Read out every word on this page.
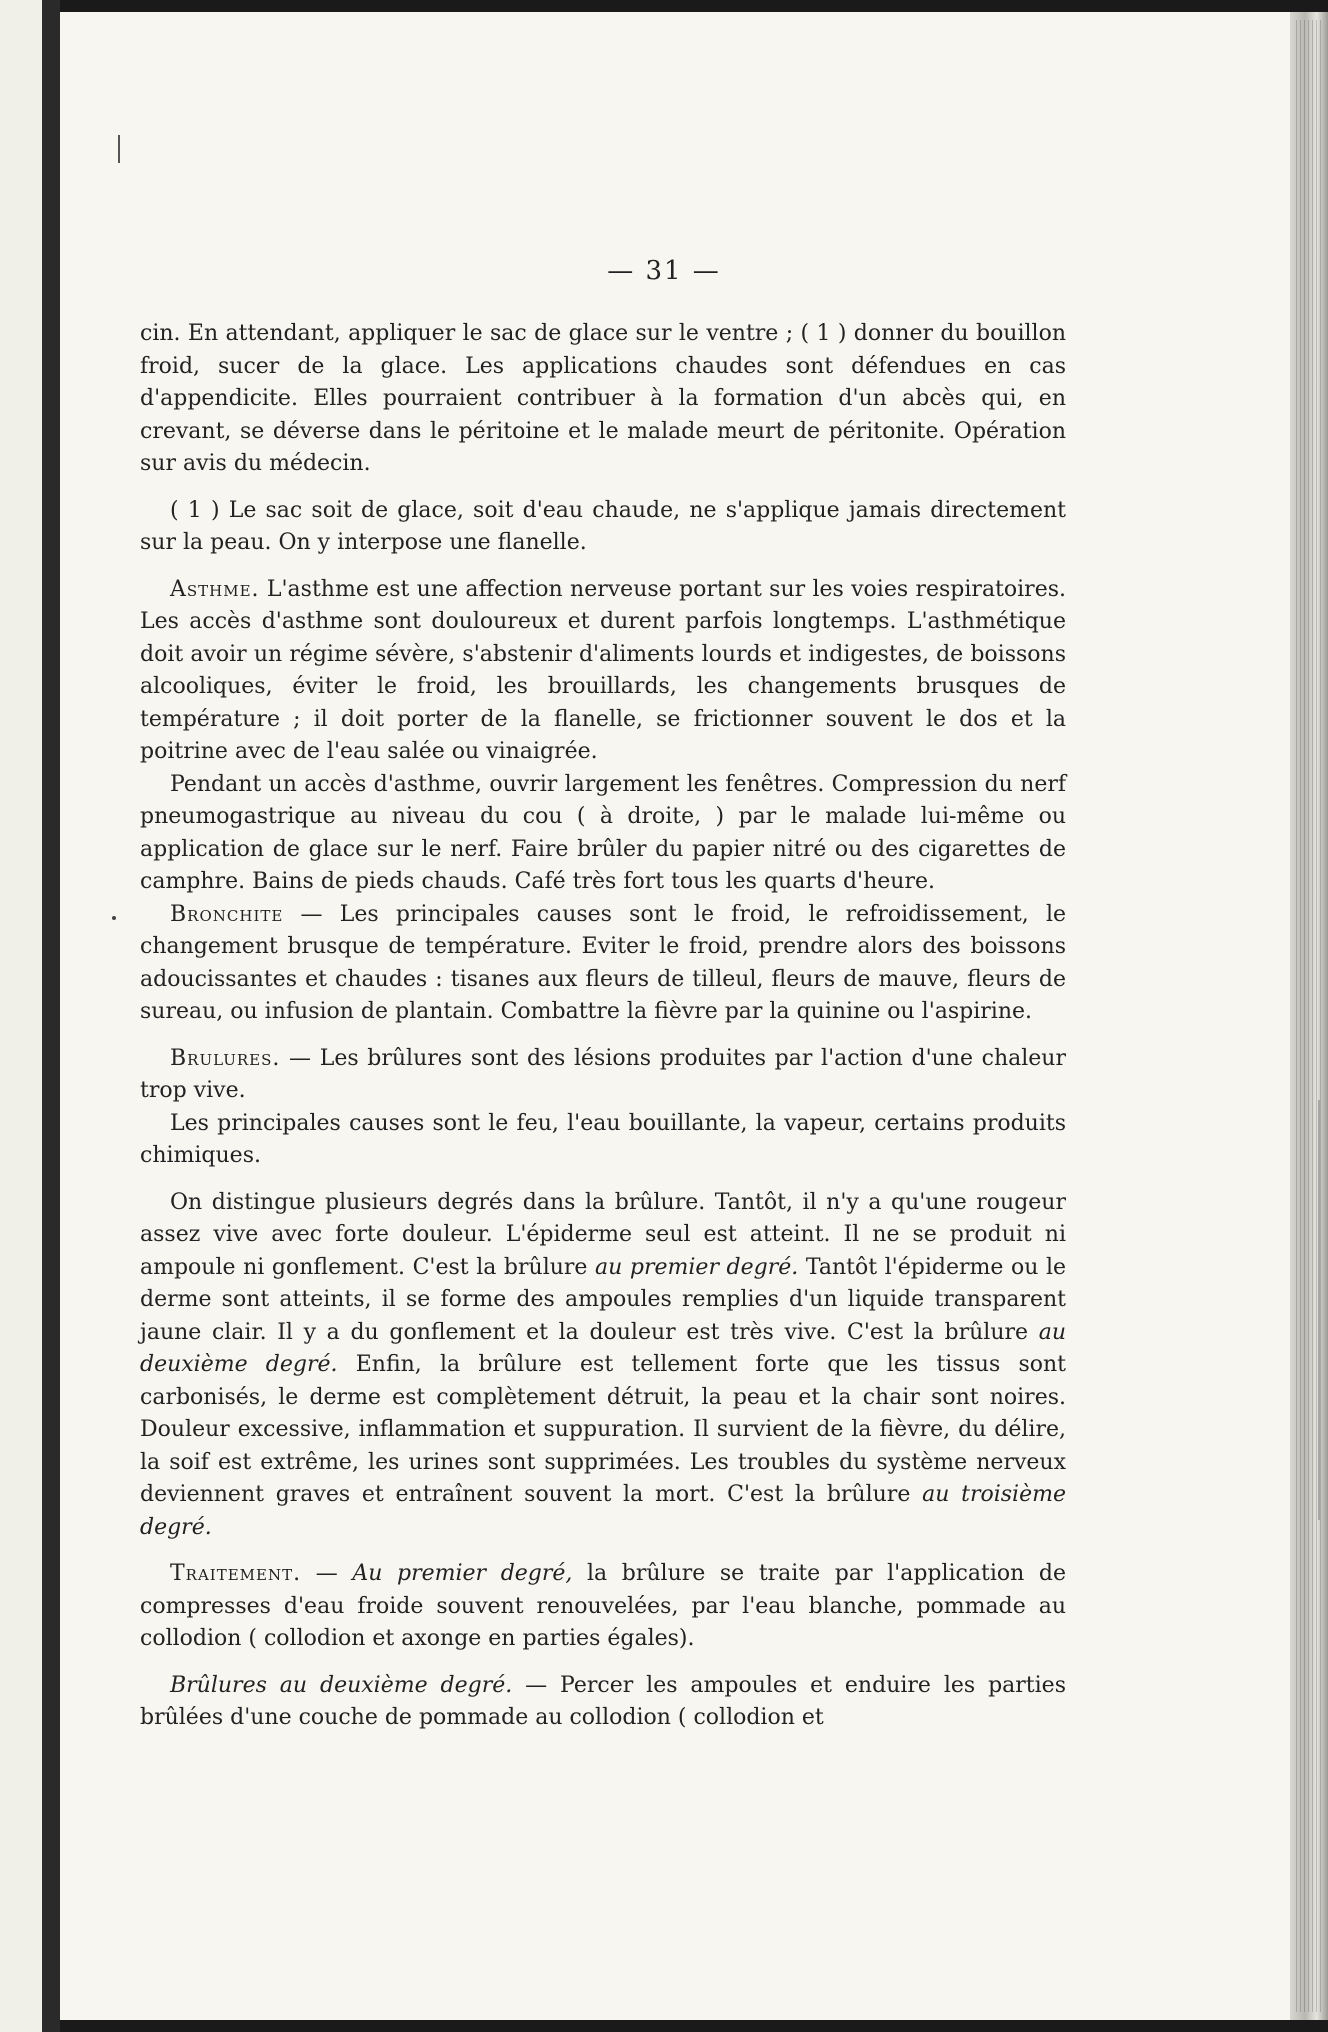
— 31 —

cin. En attendant, appliquer le sac de glace sur le ventre ; ( 1 ) donner du bouillon froid, sucer de la glace. Les applications chaudes sont défendues en cas d'appendicite. Elles pourraient contribuer à la formation d'un abcès qui, en crevant, se déverse dans le péritoine et le malade meurt de péritonite. Opération sur avis du médecin.

( 1 ) Le sac soit de glace, soit d'eau chaude, ne s'applique jamais directement sur la peau. On y interpose une flanelle.

Asthme. L'asthme est une affection nerveuse portant sur les voies respiratoires. Les accès d'asthme sont douloureux et durent parfois longtemps. L'asthmétique doit avoir un régime sévère, s'abstenir d'aliments lourds et indigestes, de boissons alcooliques, éviter le froid, les brouillards, les changements brusques de température ; il doit porter de la flanelle, se frictionner souvent le dos et la poitrine avec de l'eau salée ou vinaigrée.

Pendant un accès d'asthme, ouvrir largement les fenêtres. Compression du nerf pneumogastrique au niveau du cou ( à droite, ) par le malade lui-même ou application de glace sur le nerf. Faire brûler du papier nitré ou des cigarettes de camphre. Bains de pieds chauds. Café très fort tous les quarts d'heure.

Bronchite — Les principales causes sont le froid, le refroidissement, le changement brusque de température. Eviter le froid, prendre alors des boissons adoucissantes et chaudes : tisanes aux fleurs de tilleul, fleurs de mauve, fleurs de sureau, ou infusion de plantain. Combattre la fièvre par la quinine ou l'aspirine.

Brulures. — Les brûlures sont des lésions produites par l'action d'une chaleur trop vive.

Les principales causes sont le feu, l'eau bouillante, la vapeur, certains produits chimiques.

On distingue plusieurs degrés dans la brûlure. Tantôt, il n'y a qu'une rougeur assez vive avec forte douleur. L'épiderme seul est atteint. Il ne se produit ni ampoule ni gonflement. C'est la brûlure au premier degré. Tantôt l'épiderme ou le derme sont atteints, il se forme des ampoules remplies d'un liquide transparent jaune clair. Il y a du gonflement et la douleur est très vive. C'est la brûlure au deuxième degré. Enfin, la brûlure est tellement forte que les tissus sont carbonisés, le derme est complètement détruit, la peau et la chair sont noires. Douleur excessive, inflammation et suppuration. Il survient de la fièvre, du délire, la soif est extrême, les urines sont supprimées. Les troubles du système nerveux deviennent graves et entraînent souvent la mort. C'est la brûlure au troisième degré.

Traitement. — Au premier degré, la brûlure se traite par l'application de compresses d'eau froide souvent renouvelées, par l'eau blanche, pommade au collodion ( collodion et axonge en parties égales).

Brûlures au deuxième degré. — Percer les ampoules et enduire les parties brûlées d'une couche de pommade au collodion ( collodion et
